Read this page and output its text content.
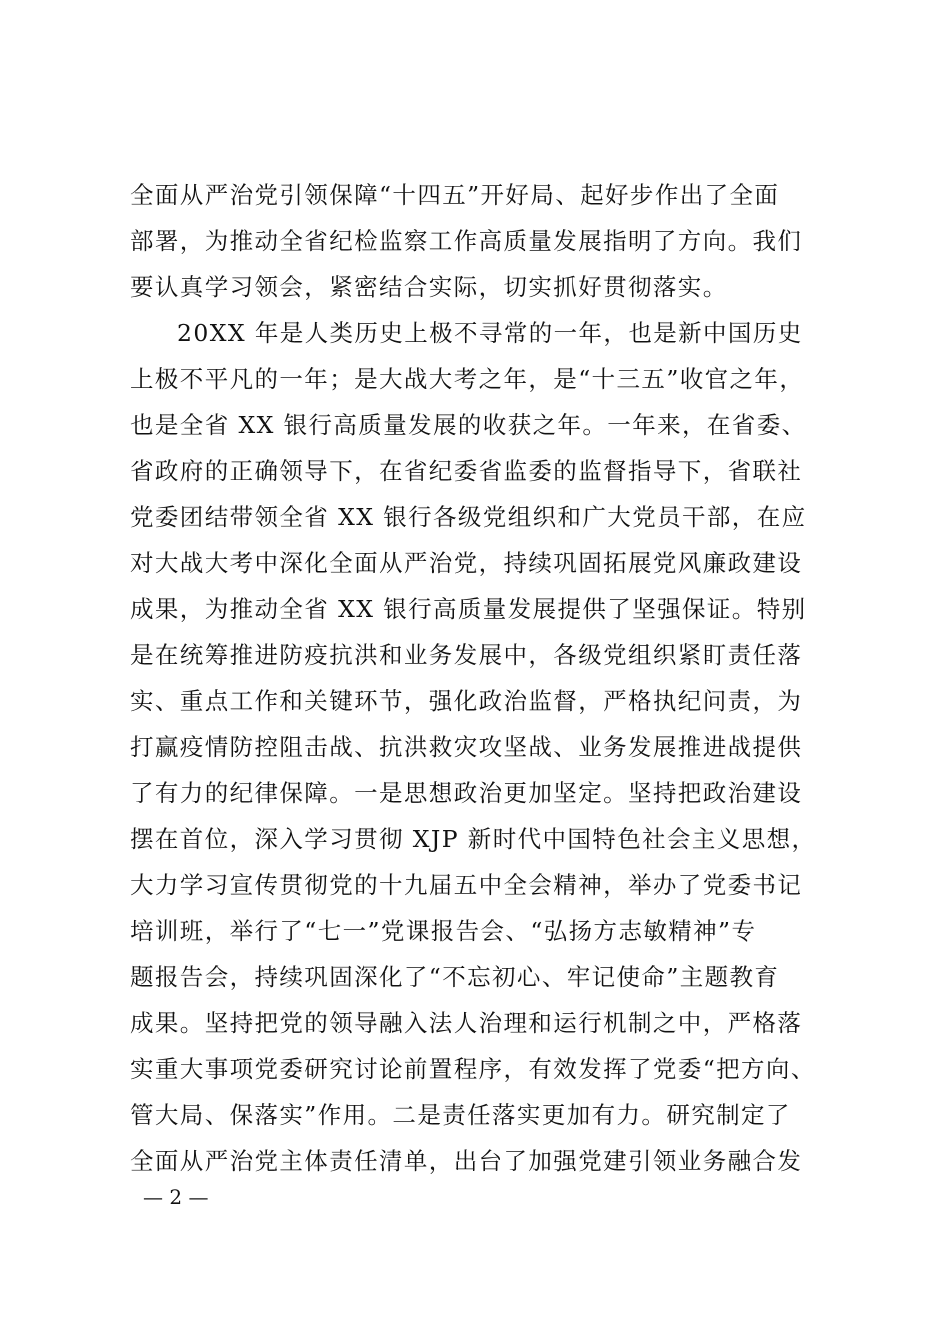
全面从严治党引领保障“十四五”开好局、起好步作出了全面
部署，为推动全省纪检监察工作高质量发展指明了方向。我们
要认真学习领会，紧密结合实际，切实抓好贯彻落实。
20XX 年是人类历史上极不寻常的一年，也是新中国历史
上极不平凡的一年；是大战大考之年，是“十三五”收官之年，
也是全省 XX 银行高质量发展的收获之年。一年来，在省委、
省政府的正确领导下，在省纪委省监委的监督指导下，省联社
党委团结带领全省 XX 银行各级党组织和广大党员干部，在应
对大战大考中深化全面从严治党，持续巩固拓展党风廉政建设
成果，为推动全省 XX 银行高质量发展提供了坚强保证。特别
是在统筹推进防疫抗洪和业务发展中，各级党组织紧盯责任落
实、重点工作和关键环节，强化政治监督，严格执纪问责，为
打赢疫情防控阻击战、抗洪救灾攻坚战、业务发展推进战提供
了有力的纪律保障。一是思想政治更加坚定。坚持把政治建设
摆在首位，深入学习贯彻 XJP 新时代中国特色社会主义思想，
大力学习宣传贯彻党的十九届五中全会精神，举办了党委书记
培训班，举行了“七一”党课报告会、“弘扬方志敏精神”专
题报告会，持续巩固深化了“不忘初心、牢记使命”主题教育
成果。坚持把党的领导融入法人治理和运行机制之中，严格落
实重大事项党委研究讨论前置程序，有效发挥了党委“把方向、
管大局、保落实”作用。二是责任落实更加有力。研究制定了
全面从严治党主体责任清单，出台了加强党建引领业务融合发
— 2 —
